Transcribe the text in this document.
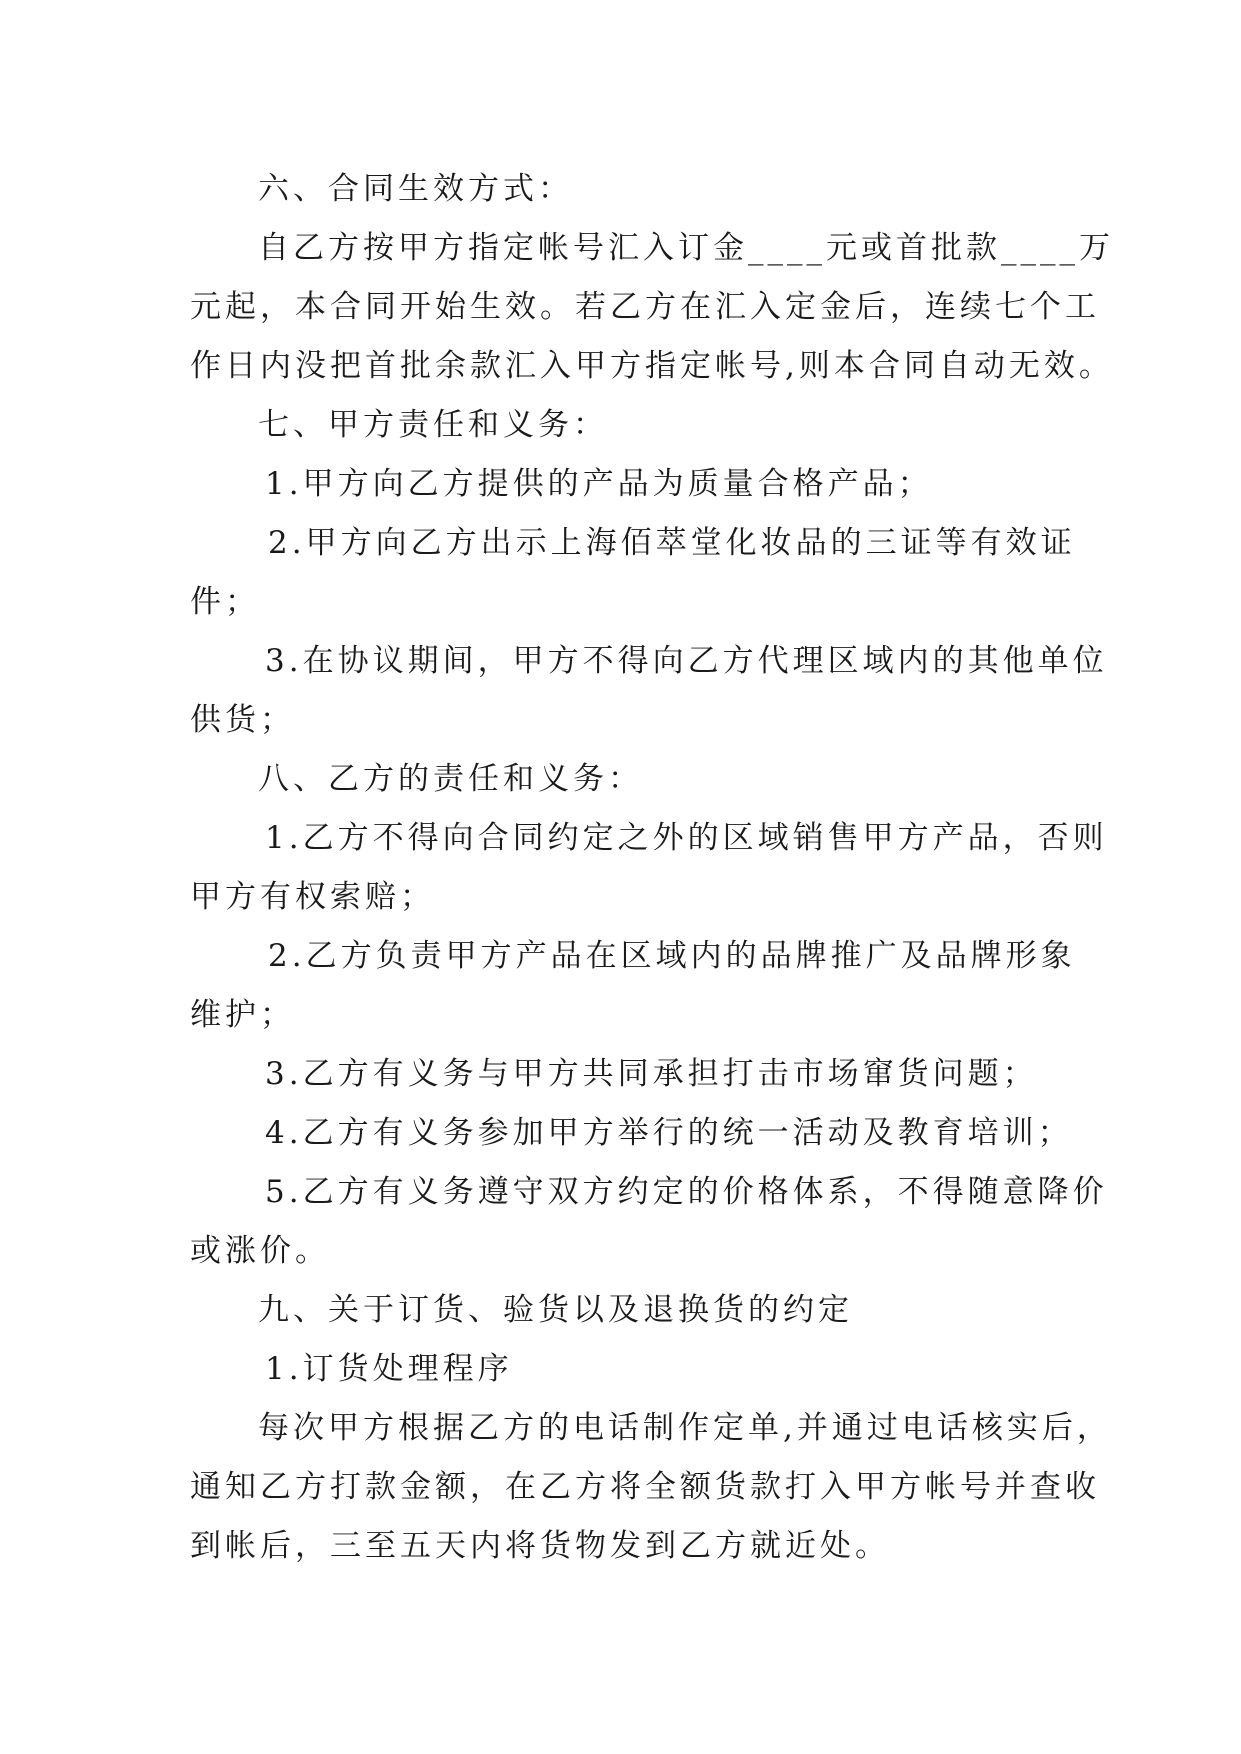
六、合同生效方式：
自乙方按甲方指定帐号汇入订金____元或首批款____万
元起，本合同开始生效。若乙方在汇入定金后，连续七个工
作日内没把首批余款汇入甲方指定帐号,则本合同自动无效。
七、甲方责任和义务：
1.甲方向乙方提供的产品为质量合格产品；
2.甲方向乙方出示上海佰萃堂化妆品的三证等有效证
件；
3.在协议期间，甲方不得向乙方代理区域内的其他单位
供货；
八、乙方的责任和义务：
1.乙方不得向合同约定之外的区域销售甲方产品，否则
甲方有权索赔；
2.乙方负责甲方产品在区域内的品牌推广及品牌形象
维护；
3.乙方有义务与甲方共同承担打击市场窜货问题；
4.乙方有义务参加甲方举行的统一活动及教育培训；
5.乙方有义务遵守双方约定的价格体系，不得随意降价
或涨价。
九、关于订货、验货以及退换货的约定
1.订货处理程序
每次甲方根据乙方的电话制作定单,并通过电话核实后，
通知乙方打款金额，在乙方将全额货款打入甲方帐号并查收
到帐后，三至五天内将货物发到乙方就近处。
